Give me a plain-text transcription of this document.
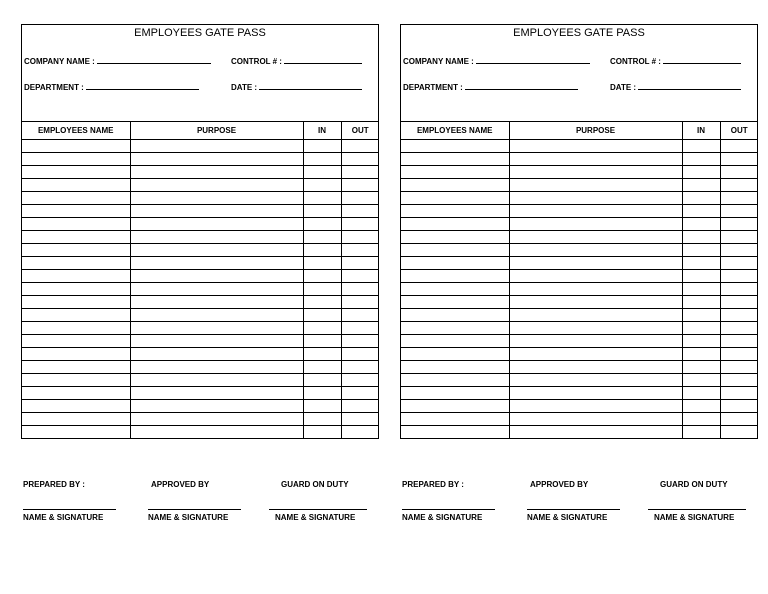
EMPLOYEES GATE PASS
COMPANY NAME :	CONTROL # :
DEPARTMENT :	DATE :
EMPLOYEES NAME	PURPOSE	IN	OUT

EMPLOYEES GATE PASS
COMPANY NAME :	CONTROL # :
DEPARTMENT :	DATE :
EMPLOYEES NAME	PURPOSE	IN	OUT

PREPARED BY :
NAME & SIGNATURE
APPROVED BY
NAME & SIGNATURE
GUARD ON DUTY
NAME & SIGNATURE
PREPARED BY :
NAME & SIGNATURE
APPROVED BY
NAME & SIGNATURE
GUARD ON DUTY
NAME & SIGNATURE
